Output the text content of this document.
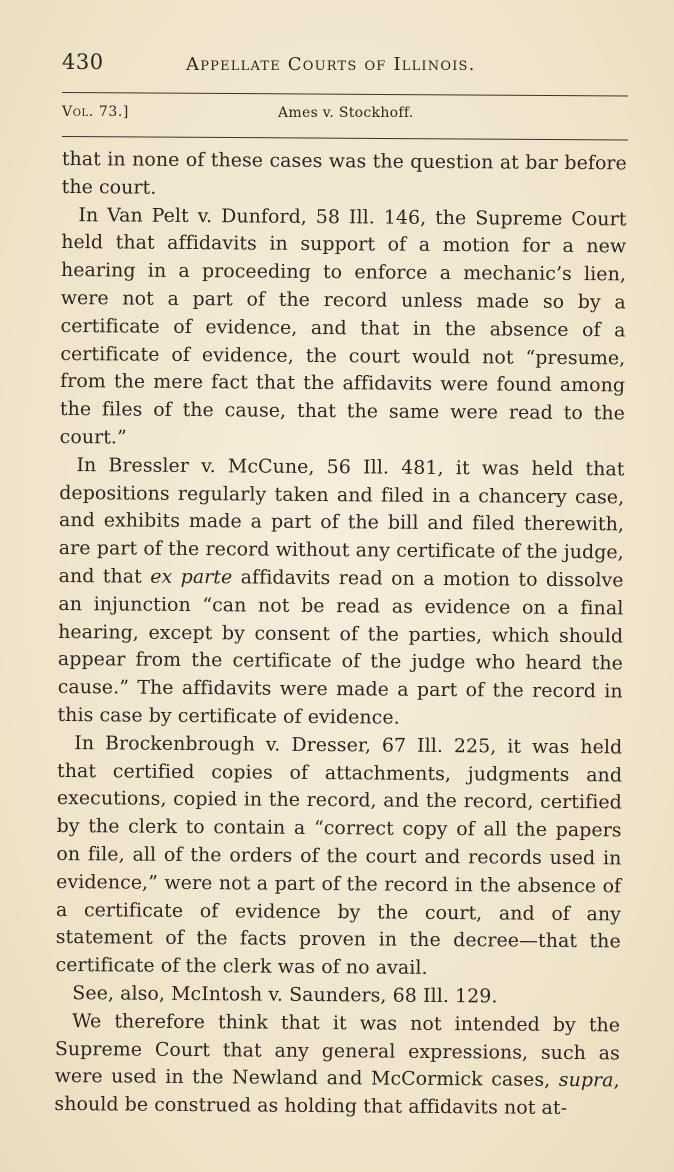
430	Appellate Courts of Illinois.
Vol. 73.]	Ames v. Stockhoff.

that in none of these cases was the question at bar before the court.

In Van Pelt v. Dunford, 58 Ill. 146, the Supreme Court held that affidavits in support of a motion for a new hearing in a proceeding to enforce a mechanic’s lien, were not a part of the record unless made so by a certificate of evidence, and that in the absence of a certificate of evidence, the court would not “presume, from the mere fact that the affidavits were found among the files of the cause, that the same were read to the court.”

In Bressler v. McCune, 56 Ill. 481, it was held that depositions regularly taken and filed in a chancery case, and exhibits made a part of the bill and filed therewith, are part of the record without any certificate of the judge, and that ex parte affidavits read on a motion to dissolve an injunction “can not be read as evidence on a final hearing, except by consent of the parties, which should appear from the certificate of the judge who heard the cause.” The affidavits were made a part of the record in this case by certificate of evidence.

In Brockenbrough v. Dresser, 67 Ill. 225, it was held that certified copies of attachments, judgments and executions, copied in the record, and the record, certified by the clerk to contain a “correct copy of all the papers on file, all of the orders of the court and records used in evidence,” were not a part of the record in the absence of a certificate of evidence by the court, and of any statement of the facts proven in the decree—that the certificate of the clerk was of no avail.

See, also, McIntosh v. Saunders, 68 Ill. 129.

We therefore think that it was not intended by the Supreme Court that any general expressions, such as were used in the Newland and McCormick cases, supra, should be construed as holding that affidavits not at-
